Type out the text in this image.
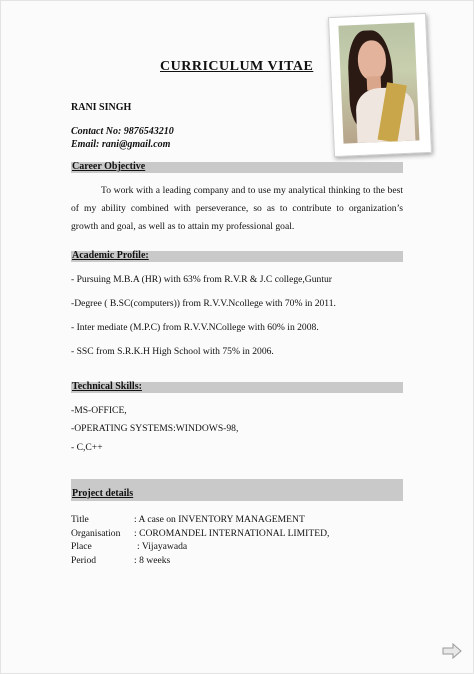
CURRICULUM VITAE
RANI SINGH
Contact No: 9876543210
Email: rani@gmail.com
Career Objective
To work with a leading company and to use my analytical thinking to the best of my ability combined with perseverance, so as to contribute to organization’s growth and goal, as well as to attain my professional goal.
Academic Profile:
- Pursuing M.B.A (HR) with 63% from R.V.R & J.C college,Guntur
-Degree ( B.SC(computers)) from R.V.V.Ncollege with 70% in 2011.
- Inter mediate (M.P.C) from R.V.V.NCollege with 60% in 2008.
- SSC from S.R.K.H High School with 75% in 2006.
Technical Skills:
-MS-OFFICE,
-OPERATING SYSTEMS:WINDOWS-98,
- C,C++
Project details
Title	: A case on INVENTORY MANAGEMENT
Organisation : COROMANDEL INTERNATIONAL LIMITED,
Place	: Vijayawada
Period	: 8 weeks
